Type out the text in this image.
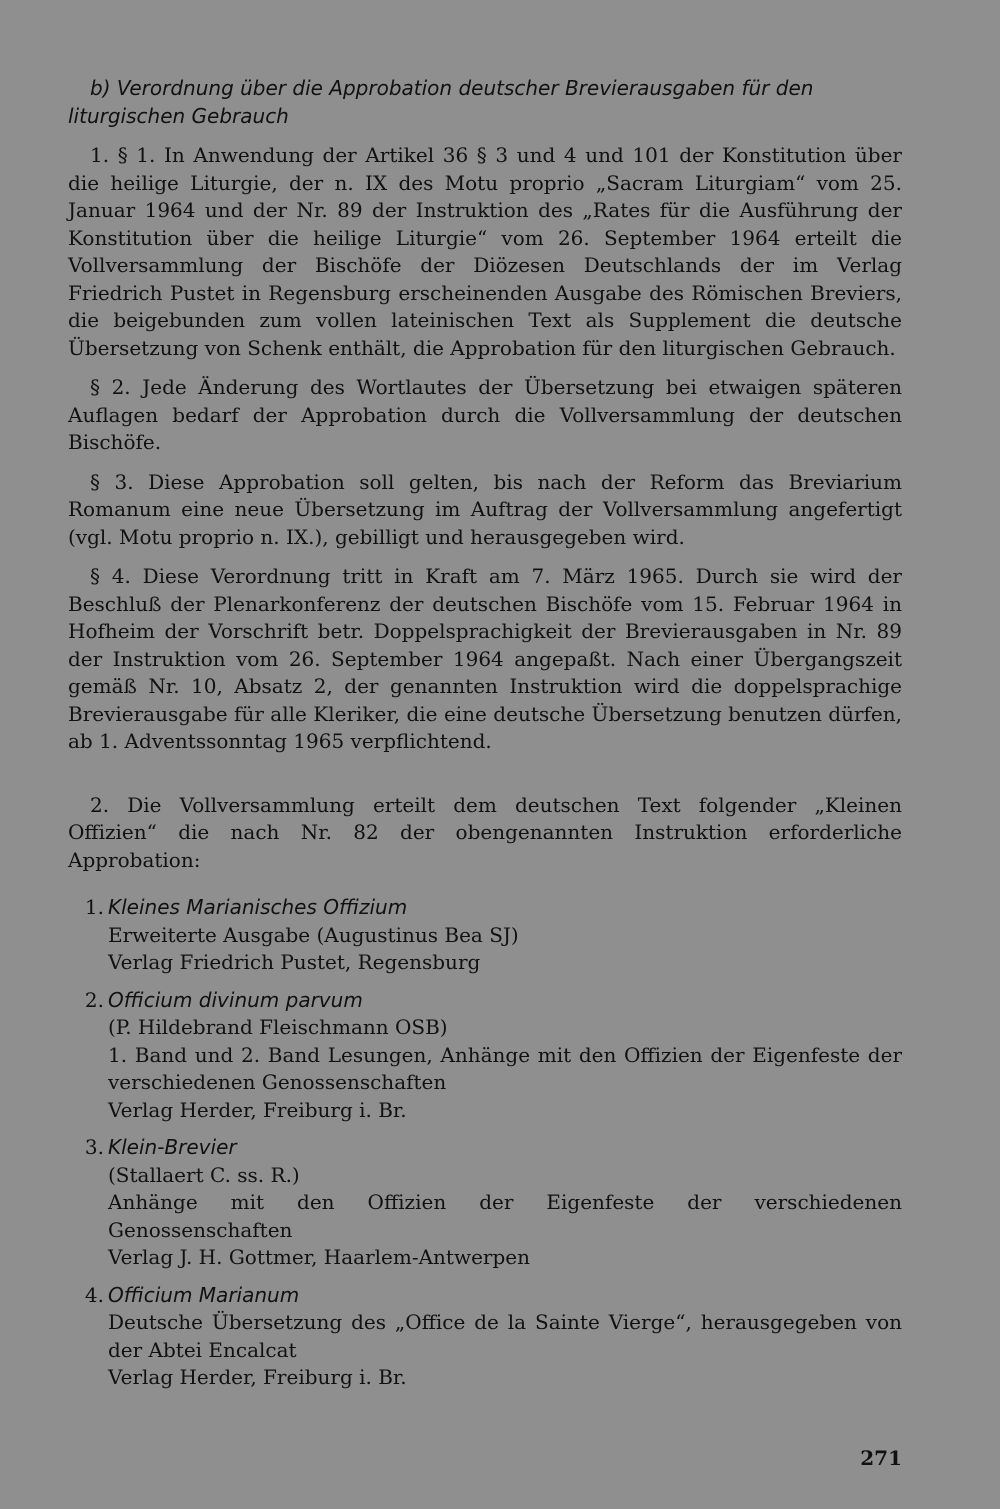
b) Verordnung über die Approbation deutscher Brevierausgaben für den liturgischen Gebrauch

1. § 1. In Anwendung der Artikel 36 § 3 und 4 und 101 der Konstitution über die heilige Liturgie, der n. IX des Motu proprio „Sacram Liturgiam“ vom 25. Januar 1964 und der Nr. 89 der Instruktion des „Rates für die Ausführung der Konstitution über die heilige Liturgie“ vom 26. September 1964 erteilt die Vollversammlung der Bischöfe der Diözesen Deutschlands der im Verlag Friedrich Pustet in Regensburg erscheinenden Ausgabe des Römischen Breviers, die beigebunden zum vollen lateinischen Text als Supplement die deutsche Übersetzung von Schenk enthält, die Approbation für den liturgischen Gebrauch.

§ 2. Jede Änderung des Wortlautes der Übersetzung bei etwaigen späteren Auflagen bedarf der Approbation durch die Vollversammlung der deutschen Bischöfe.

§ 3. Diese Approbation soll gelten, bis nach der Reform das Breviarium Romanum eine neue Übersetzung im Auftrag der Vollversammlung angefertigt (vgl. Motu proprio n. IX.), gebilligt und herausgegeben wird.

§ 4. Diese Verordnung tritt in Kraft am 7. März 1965. Durch sie wird der Beschluß der Plenarkonferenz der deutschen Bischöfe vom 15. Februar 1964 in Hofheim der Vorschrift betr. Doppelsprachigkeit der Brevierausgaben in Nr. 89 der Instruktion vom 26. September 1964 angepaßt. Nach einer Übergangszeit gemäß Nr. 10, Absatz 2, der genannten Instruktion wird die doppelsprachige Brevierausgabe für alle Kleriker, die eine deutsche Übersetzung benutzen dürfen, ab 1. Adventssonntag 1965 verpflichtend.

2. Die Vollversammlung erteilt dem deutschen Text folgender „Kleinen Offizien“ die nach Nr. 82 der obengenannten Instruktion erforderliche Approbation:

1. Kleines Marianisches Offizium
Erweiterte Ausgabe (Augustinus Bea SJ)
Verlag Friedrich Pustet, Regensburg
2. Officium divinum parvum
(P. Hildebrand Fleischmann OSB)
1. Band und 2. Band Lesungen, Anhänge mit den Offizien der Eigenfeste der verschiedenen Genossenschaften
Verlag Herder, Freiburg i. Br.
3. Klein-Brevier
(Stallaert C. ss. R.)
Anhänge mit den Offizien der Eigenfeste der verschiedenen Genossenschaften
Verlag J. H. Gottmer, Haarlem-Antwerpen
4. Officium Marianum
Deutsche Übersetzung des „Office de la Sainte Vierge“, herausgegeben von der Abtei Encalcat
Verlag Herder, Freiburg i. Br.
271
